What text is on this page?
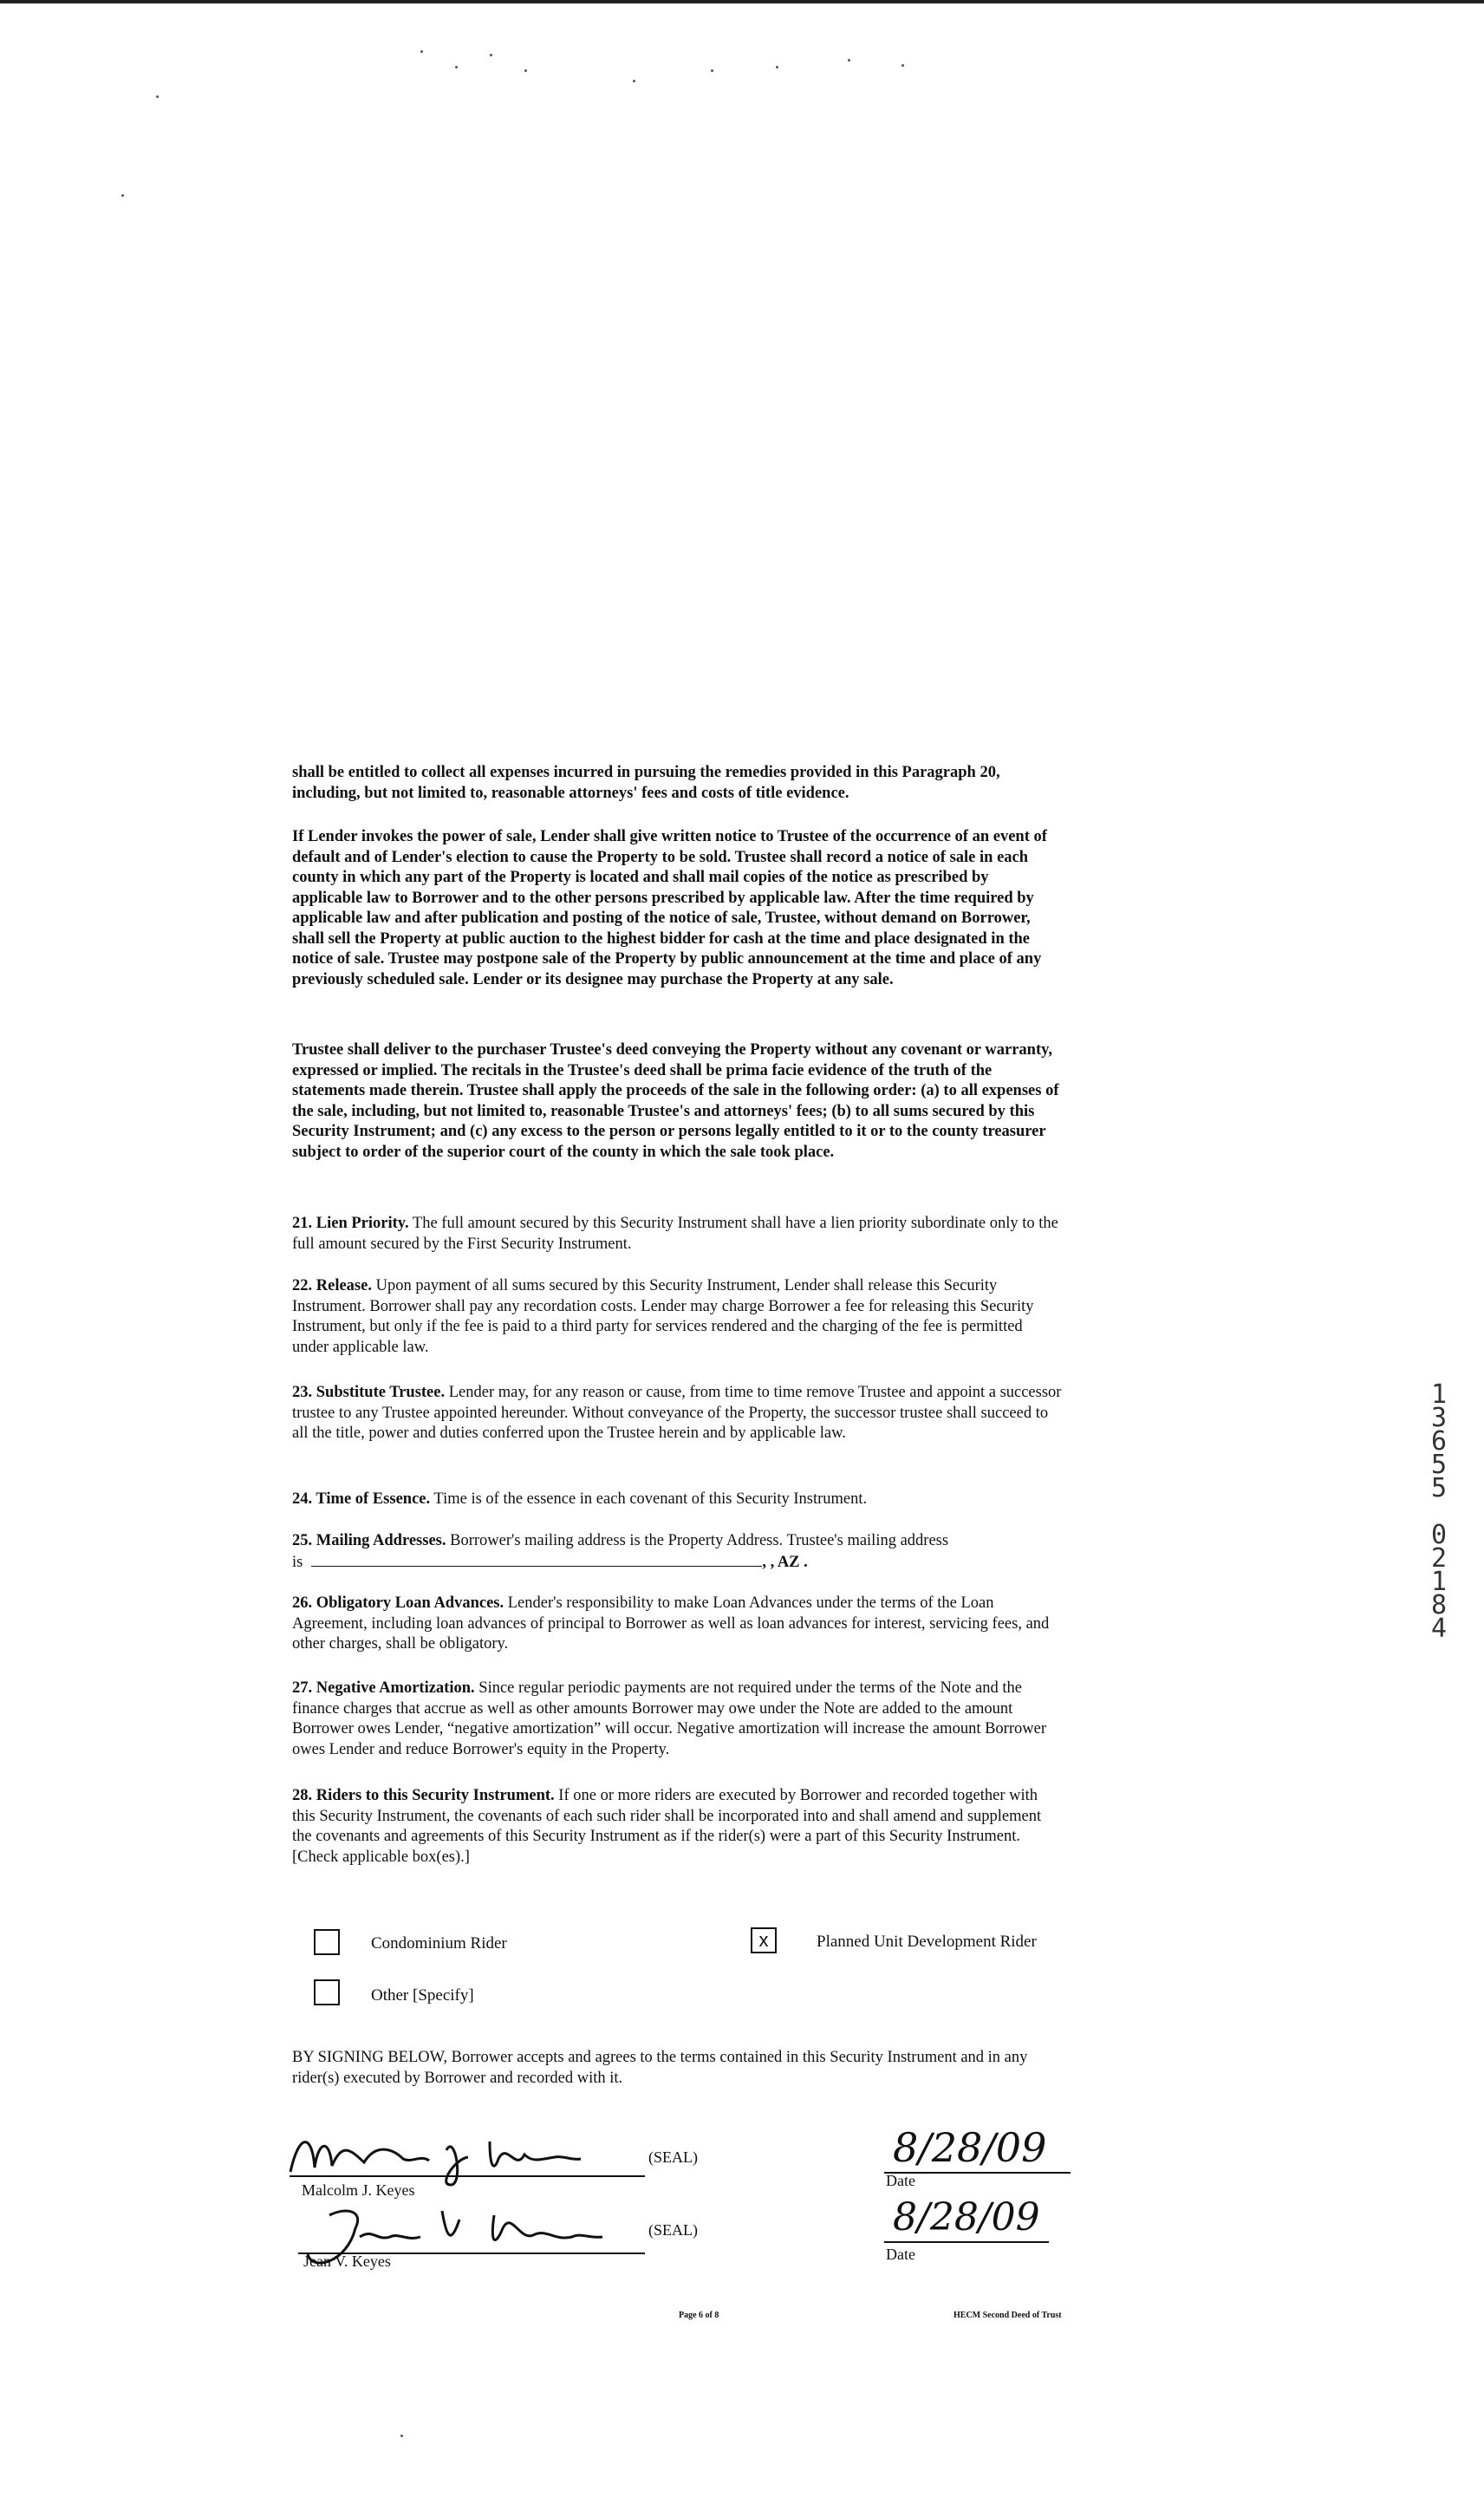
shall be entitled to collect all expenses incurred in pursuing the remedies provided in this Paragraph 20, including, but not limited to, reasonable attorneys' fees and costs of title evidence.

If Lender invokes the power of sale, Lender shall give written notice to Trustee of the occurrence of an event of default and of Lender's election to cause the Property to be sold. Trustee shall record a notice of sale in each county in which any part of the Property is located and shall mail copies of the notice as prescribed by applicable law to Borrower and to the other persons prescribed by applicable law. After the time required by applicable law and after publication and posting of the notice of sale, Trustee, without demand on Borrower, shall sell the Property at public auction to the highest bidder for cash at the time and place designated in the notice of sale. Trustee may postpone sale of the Property by public announcement at the time and place of any previously scheduled sale. Lender or its designee may purchase the Property at any sale.

Trustee shall deliver to the purchaser Trustee's deed conveying the Property without any covenant or warranty, expressed or implied. The recitals in the Trustee's deed shall be prima facie evidence of the truth of the statements made therein. Trustee shall apply the proceeds of the sale in the following order: (a) to all expenses of the sale, including, but not limited to, reasonable Trustee's and attorneys' fees; (b) to all sums secured by this Security Instrument; and (c) any excess to the person or persons legally entitled to it or to the county treasurer subject to order of the superior court of the county in which the sale took place.

21. Lien Priority. The full amount secured by this Security Instrument shall have a lien priority subordinate only to the full amount secured by the First Security Instrument.

22. Release. Upon payment of all sums secured by this Security Instrument, Lender shall release this Security Instrument. Borrower shall pay any recordation costs. Lender may charge Borrower a fee for releasing this Security Instrument, but only if the fee is paid to a third party for services rendered and the charging of the fee is permitted under applicable law.

23. Substitute Trustee. Lender may, for any reason or cause, from time to time remove Trustee and appoint a successor trustee to any Trustee appointed hereunder. Without conveyance of the Property, the successor trustee shall succeed to all the title, power and duties conferred upon the Trustee herein and by applicable law.

24. Time of Essence. Time is of the essence in each covenant of this Security Instrument.

25. Mailing Addresses. Borrower's mailing address is the Property Address. Trustee's mailing address
is	, , AZ .

26. Obligatory Loan Advances. Lender's responsibility to make Loan Advances under the terms of the Loan Agreement, including loan advances of principal to Borrower as well as loan advances for interest, servicing fees, and other charges, shall be obligatory.

27. Negative Amortization. Since regular periodic payments are not required under the terms of the Note and the finance charges that accrue as well as other amounts Borrower may owe under the Note are added to the amount Borrower owes Lender, “negative amortization” will occur. Negative amortization will increase the amount Borrower owes Lender and reduce Borrower's equity in the Property.

28. Riders to this Security Instrument. If one or more riders are executed by Borrower and recorded together with this Security Instrument, the covenants of each such rider shall be incorporated into and shall amend and supplement the covenants and agreements of this Security Instrument as if the rider(s) were a part of this Security Instrument. [Check applicable box(es).]

Condominium Rider	x	Planned Unit Development Rider
Other [Specify]

BY SIGNING BELOW, Borrower accepts and agrees to the terms contained in this Security Instrument and in any rider(s) executed by Borrower and recorded with it.

(SEAL)
Malcolm J. Keyes
(SEAL)
Jean V. Keyes
8/28/09
Date
8/28/09
Date
1
3
6
5
5

0
2
1
8
4
Page 6 of 8	HECM Second Deed of Trust
